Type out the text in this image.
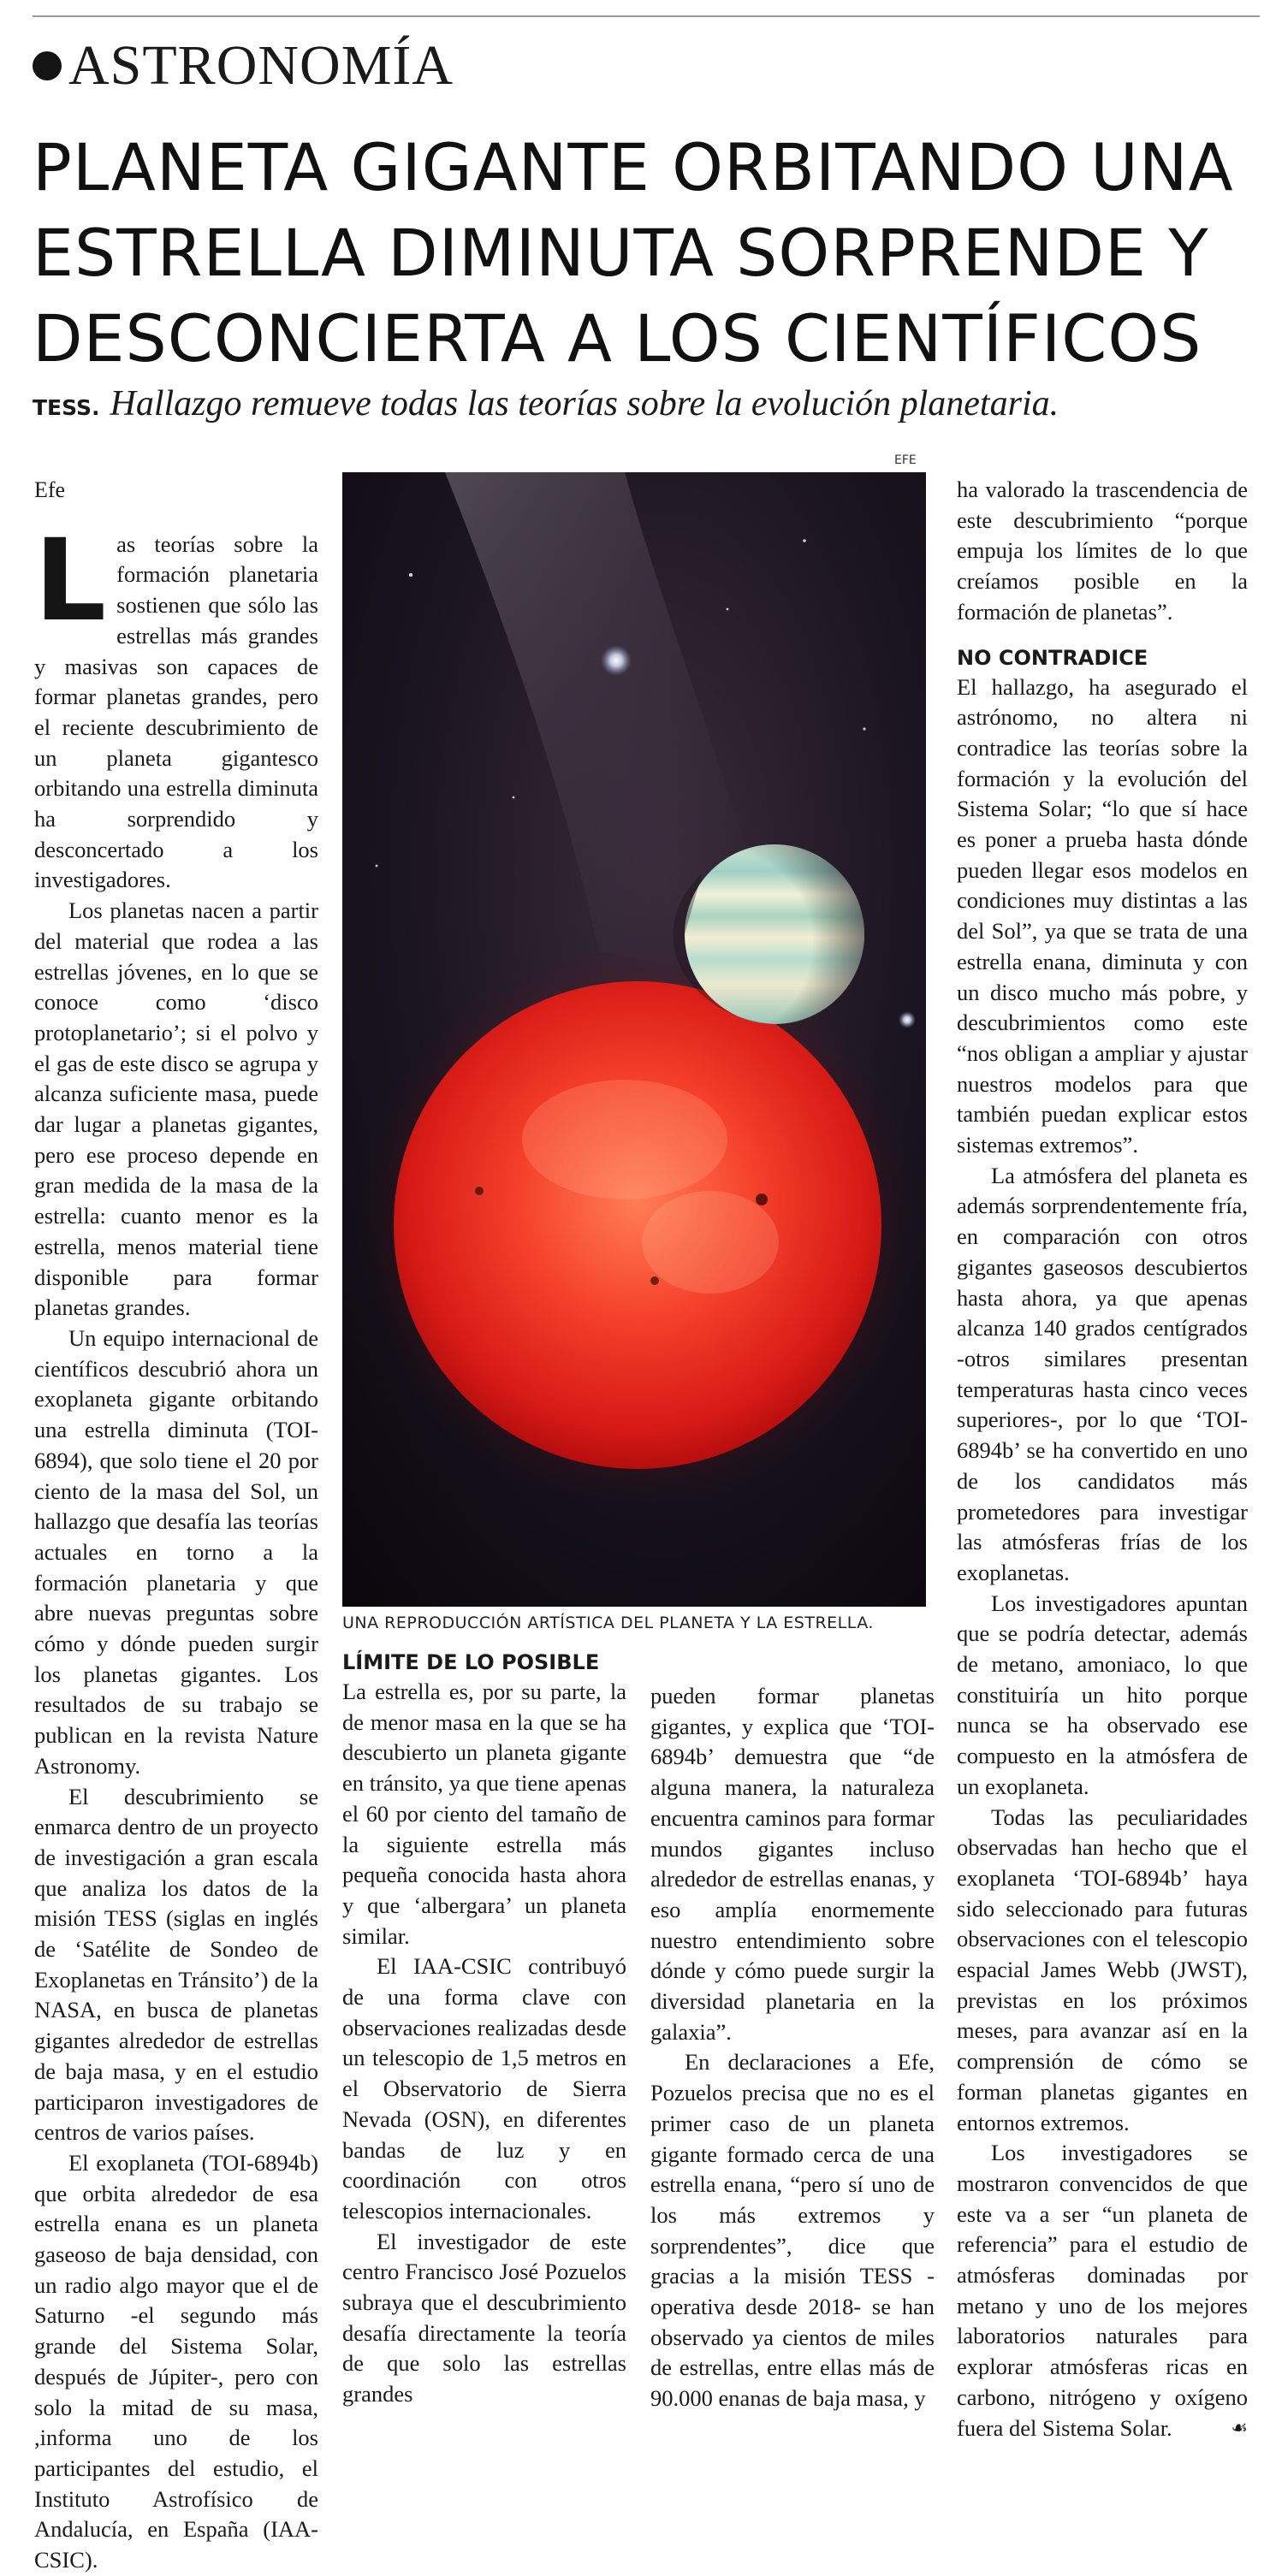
ASTRONOMÍA
PLANETA GIGANTE ORBITANDO UNA ESTRELLA DIMINUTA SORPRENDE Y DESCONCIERTA A LOS CIENTÍFICOS
TESS. Hallazgo remueve todas las teorías sobre la evolución planetaria.
Efe

Las teorías sobre la formación planetaria sostienen que sólo las estrellas más grandes y masivas son capaces de formar planetas grandes, pero el reciente descubrimiento de un planeta gigantesco orbitando una estrella diminuta ha sorprendido y desconcertado a los investigadores.

Los planetas nacen a partir del material que rodea a las estrellas jóvenes, en lo que se conoce como ‘disco protoplanetario’; si el polvo y el gas de este disco se agrupa y alcanza suficiente masa, puede dar lugar a planetas gigantes, pero ese proceso depende en gran medida de la masa de la estrella: cuanto menor es la estrella, menos material tiene disponible para formar planetas grandes.

Un equipo internacional de científicos descubrió ahora un exoplaneta gigante orbitando una estrella diminuta (TOI-6894), que solo tiene el 20 por ciento de la masa del Sol, un hallazgo que desafía las teorías actuales en torno a la formación planetaria y que abre nuevas preguntas sobre cómo y dónde pueden surgir los planetas gigantes. Los resultados de su trabajo se publican en la revista Nature Astronomy.

El descubrimiento se enmarca dentro de un proyecto de investigación a gran escala que analiza los datos de la misión TESS (siglas en inglés de ‘Satélite de Sondeo de Exoplanetas en Tránsito’) de la NASA, en busca de planetas gigantes alrededor de estrellas de baja masa, y en el estudio participaron investigadores de centros de varios países.

El exoplaneta (TOI-6894b) que orbita alrededor de esa estrella enana es un planeta gaseoso de baja densidad, con un radio algo mayor que el de Saturno -el segundo más grande del Sistema Solar, después de Júpiter-, pero con solo la mitad de su masa, ,informa uno de los participantes del estudio, el Instituto Astrofísico de Andalucía, en España (IAA-CSIC).

EFE

UNA REPRODUCCIÓN ARTÍSTICA DEL PLANETA Y LA ESTRELLA.

LÍMITE DE LO POSIBLE

La estrella es, por su parte, la de menor masa en la que se ha descubierto un planeta gigante en tránsito, ya que tiene apenas el 60 por ciento del tamaño de la siguiente estrella más pequeña conocida hasta ahora y que ‘albergara’ un planeta similar.

El IAA-CSIC contribuyó de una forma clave con observaciones realizadas desde un telescopio de 1,5 metros en el Observatorio de Sierra Nevada (OSN), en diferentes bandas de luz y en coordinación con otros telescopios internacionales.

El investigador de este centro Francisco José Pozuelos subraya que el descubrimiento desafía directamente la teoría de que solo las estrellas grandes

pueden formar planetas gigantes, y explica que ‘TOI-6894b’ demuestra que “de alguna manera, la naturaleza encuentra caminos para formar mundos gigantes incluso alrededor de estrellas enanas, y eso amplía enormemente nuestro entendimiento sobre dónde y cómo puede surgir la diversidad planetaria en la galaxia”.

En declaraciones a Efe, Pozuelos precisa que no es el primer caso de un planeta gigante formado cerca de una estrella enana, “pero sí uno de los más extremos y sorprendentes”, dice que gracias a la misión TESS -operativa desde 2018- se han observado ya cientos de miles de estrellas, entre ellas más de 90.000 enanas de baja masa, y

ha valorado la trascendencia de este descubrimiento “porque empuja los límites de lo que creíamos posible en la formación de planetas”.

NO CONTRADICE

El hallazgo, ha asegurado el astrónomo, no altera ni contradice las teorías sobre la formación y la evolución del Sistema Solar; “lo que sí hace es poner a prueba hasta dónde pueden llegar esos modelos en condiciones muy distintas a las del Sol”, ya que se trata de una estrella enana, diminuta y con un disco mucho más pobre, y descubrimientos como este “nos obligan a ampliar y ajustar nuestros modelos para que también puedan explicar estos sistemas extremos”.

La atmósfera del planeta es además sorprendentemente fría, en comparación con otros gigantes gaseosos descubiertos hasta ahora, ya que apenas alcanza 140 grados centígrados -otros similares presentan temperaturas hasta cinco veces superiores-, por lo que ‘TOI-6894b’ se ha convertido en uno de los candidatos más prometedores para investigar las atmósferas frías de los exoplanetas.

Los investigadores apuntan que se podría detectar, además de metano, amoniaco, lo que constituiría un hito porque nunca se ha observado ese compuesto en la atmósfera de un exoplaneta.

Todas las peculiaridades observadas han hecho que el exoplaneta ‘TOI-6894b’ haya sido seleccionado para futuras observaciones con el telescopio espacial James Webb (JWST), previstas en los próximos meses, para avanzar así en la comprensión de cómo se forman planetas gigantes en entornos extremos.

Los investigadores se mostraron convencidos de que este va a ser “un planeta de referencia” para el estudio de atmósferas dominadas por metano y uno de los mejores laboratorios naturales para explorar atmósferas ricas en carbono, nitrógeno y oxígeno fuera del Sistema Solar.	☙
